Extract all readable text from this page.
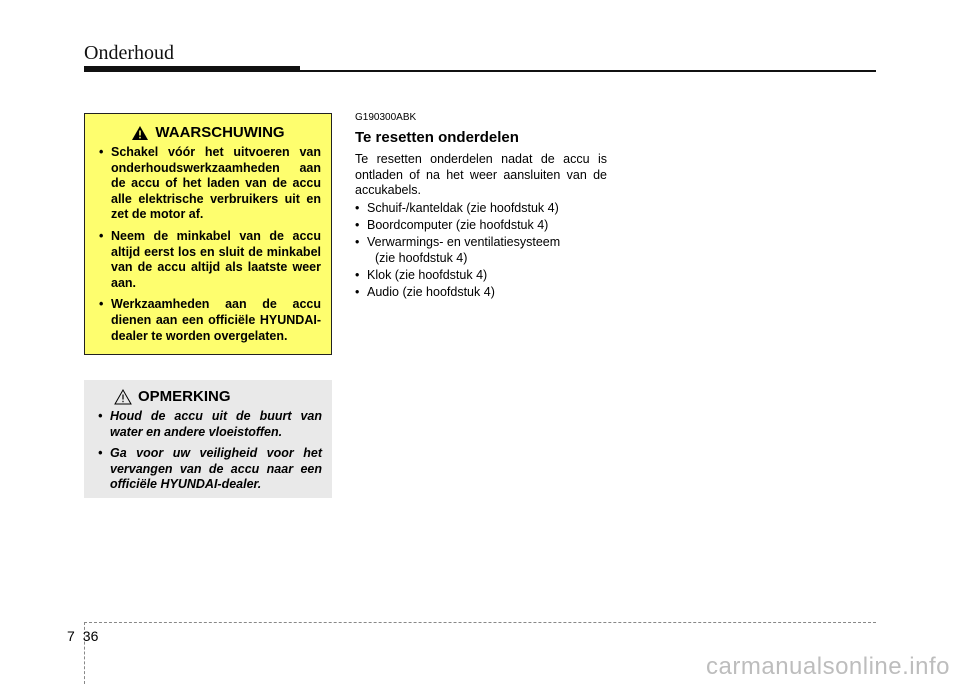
Onderhoud
WAARSCHUWING
• Schakel vóór het uitvoeren van onderhoudswerkzaamheden aan de accu of het laden van de accu alle elektrische verbruikers uit en zet de motor af.
• Neem de minkabel van de accu altijd eerst los en sluit de minkabel van de accu altijd als laatste weer aan.
• Werkzaamheden aan de accu dienen aan een officiële HYUNDAI-dealer te worden overgelaten.
OPMERKING
• Houd de accu uit de buurt van water en andere vloeistoffen.
• Ga voor uw veiligheid voor het vervangen van de accu naar een officiële HYUNDAI-dealer.
G190300ABK
Te resetten onderdelen
Te resetten onderdelen nadat de accu is ontladen of na het weer aansluiten van de accukabels.
• Schuif-/kanteldak (zie hoofdstuk 4)
• Boordcomputer (zie hoofdstuk 4)
• Verwarmings- en ventilatiesysteem
(zie hoofdstuk 4)
• Klok (zie hoofdstuk 4)
• Audio (zie hoofdstuk 4)
7 36
carmanualsonline.info
